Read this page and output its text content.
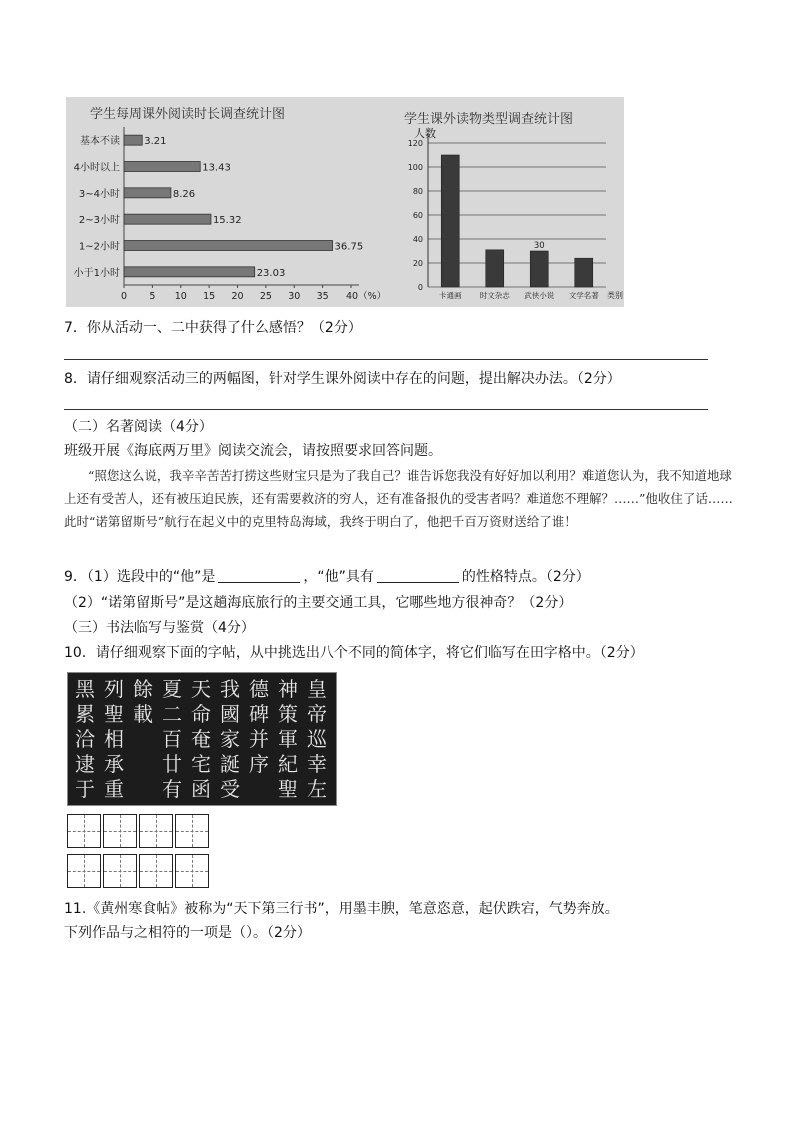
学生每周课外阅读时长调查统计图
基本不读 3.21
4小时以上	13.43
3~4小时	8.26
2~3小时	15.32
1~2小时	36.75
小于1小时	23.03
0 5 10 15 20 25 30 35 40（%）
学生课外读物类型调查统计图
人数
类别
0
20
40
60
80
100
120
卡通画 时文杂志 武侠小说 文学名著
30
7．你从活动一、二中获得了什么感悟？（2分）
8．请仔细观察活动三的两幅图，针对学生课外阅读中存在的问题，提出解决办法。（2分）
（二）名著阅读（4分）
班级开展《海底两万里》阅读交流会，请按照要求回答问题。
“照您这么说，我辛辛苦苦打捞这些财宝只是为了我自己？谁告诉您我没有好好加以利用？难道您认为，我不知道地球上还有受苦人，还有被压迫民族，还有需要救济的穷人，还有准备报仇的受害者吗？难道您不理解？……”他收住了话……此时“诺第留斯号”航行在起义中的克里特岛海域，我终于明白了，他把千百万资财送给了谁！
9．（1）选段中的“他”是	，“他”具有	的性格特点。（2分）
（2）“诺第留斯号”是这趟海底旅行的主要交通工具，它哪些地方很神奇？（2分）
（三）书法临写与鉴赏（4分）
10．请仔细观察下面的字帖，从中挑选出八个不同的简体字，将它们临写在田字格中。（2分）
黑
累
洽
逮
于
列
聖
相
承
重
餘
載
夏
二
百
廿
有
天
命
奄
宅
函
我
國
家
誕
受
德
碑
并
序
神
策
軍
紀
聖
皇
帝
巡
幸
左
11.《黄州寒食帖》被称为“天下第三行书”，用墨丰腴，笔意恣意，起伏跌宕，气势奔放。
下列作品与之相符的一项是（）。（2分）
